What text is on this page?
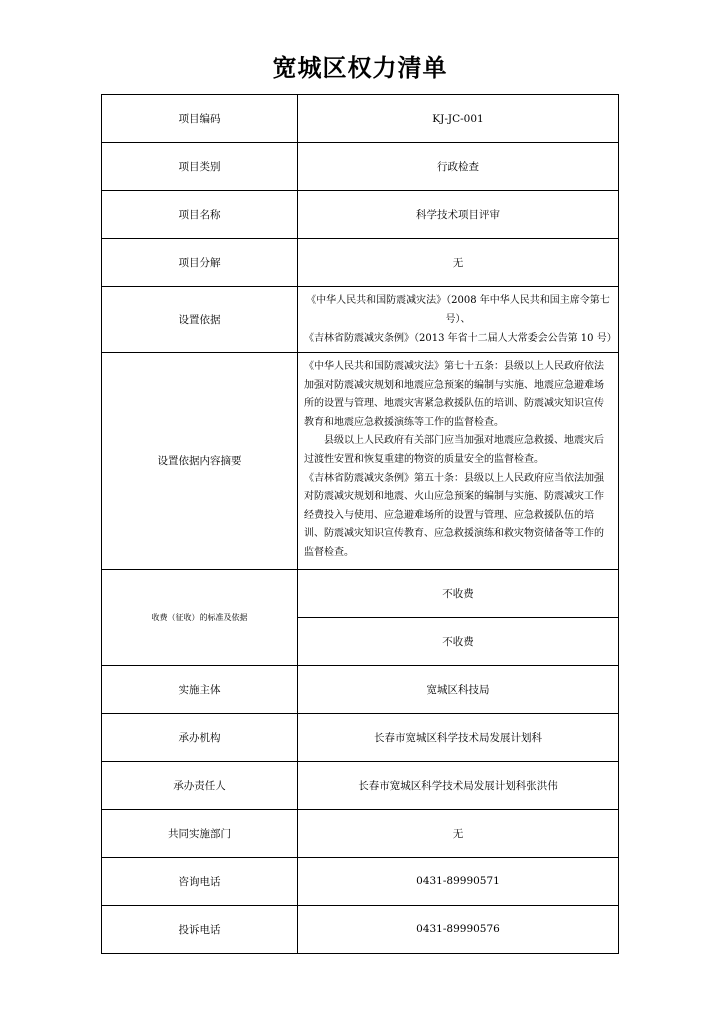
宽城区权力清单
项目编码	KJ-JC-001
项目类别	行政检查
项目名称	科学技术项目评审
项目分解	无
设置依据	《中华人民共和国防震减灾法》（2008 年中华人民共和国主席令第七号）、

《吉林省防震减灾条例》（2013 年省十二届人大常委会公告第 10 号）

设置依据内容摘要	《中华人民共和国防震减灾法》第七十五条：县级以上人民政府依法加强对防震减灾规划和地震应急预案的编制与实施、地震应急避难场所的设置与管理、地震灾害紧急救援队伍的培训、防震减灾知识宣传教育和地震应急救援演练等工作的监督检查。

县级以上人民政府有关部门应当加强对地震应急救援、地震灾后过渡性安置和恢复重建的物资的质量安全的监督检查。

《吉林省防震减灾条例》第五十条：县级以上人民政府应当依法加强对防震减灾规划和地震、火山应急预案的编制与实施、防震减灾工作经费投入与使用、应急避难场所的设置与管理、应急救援队伍的培训、防震减灾知识宣传教育、应急救援演练和救灾物资储备等工作的监督检查。

收费（征收）的标准及依据	不收费
	不收费
实施主体	宽城区科技局
承办机构	长春市宽城区科学技术局发展计划科
承办责任人	长春市宽城区科学技术局发展计划科张洪伟
共同实施部门	无
咨询电话	0431-89990571
投诉电话	0431-89990576
